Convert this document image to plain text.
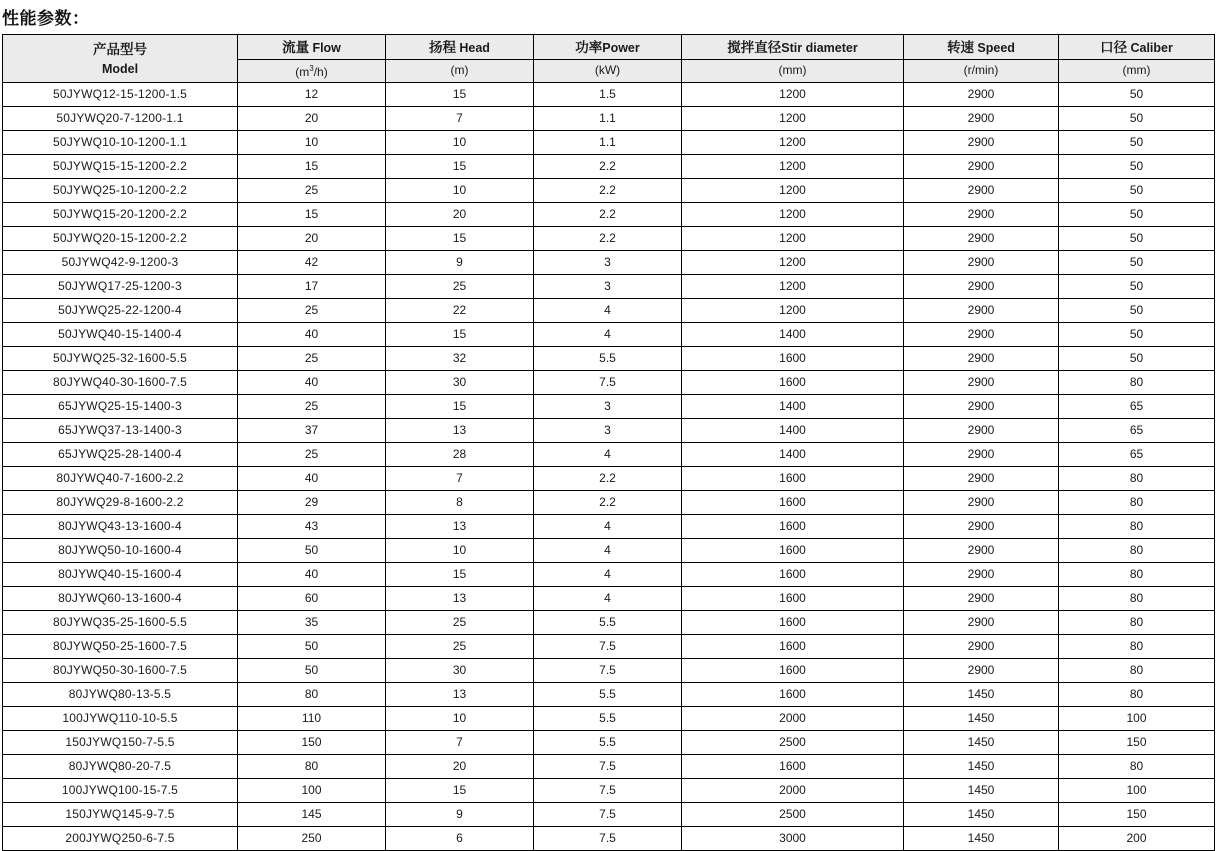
性能参数：
产品型号
Model	流量 Flow	扬程 Head	功率Power	搅拌直径Stir diameter	转速 Speed	口径 Caliber

	$(m^3/h)$	(m)	(kW)	(mm)	(r/min)	(mm)
50JYWQ12-15-1200-1.5	12	15	1.5	1200	2900	50
50JYWQ20-7-1200-1.1	20	7	1.1	1200	2900	50
50JYWQ10-10-1200-1.1	10	10	1.1	1200	2900	50
50JYWQ15-15-1200-2.2	15	15	2.2	1200	2900	50
50JYWQ25-10-1200-2.2	25	10	2.2	1200	2900	50
50JYWQ15-20-1200-2.2	15	20	2.2	1200	2900	50
50JYWQ20-15-1200-2.2	20	15	2.2	1200	2900	50
50JYWQ42-9-1200-3	42	9	3	1200	2900	50
50JYWQ17-25-1200-3	17	25	3	1200	2900	50
50JYWQ25-22-1200-4	25	22	4	1200	2900	50
50JYWQ40-15-1400-4	40	15	4	1400	2900	50
50JYWQ25-32-1600-5.5	25	32	5.5	1600	2900	50
80JYWQ40-30-1600-7.5	40	30	7.5	1600	2900	80
65JYWQ25-15-1400-3	25	15	3	1400	2900	65
65JYWQ37-13-1400-3	37	13	3	1400	2900	65
65JYWQ25-28-1400-4	25	28	4	1400	2900	65
80JYWQ40-7-1600-2.2	40	7	2.2	1600	2900	80
80JYWQ29-8-1600-2.2	29	8	2.2	1600	2900	80
80JYWQ43-13-1600-4	43	13	4	1600	2900	80
80JYWQ50-10-1600-4	50	10	4	1600	2900	80
80JYWQ40-15-1600-4	40	15	4	1600	2900	80
80JYWQ60-13-1600-4	60	13	4	1600	2900	80
80JYWQ35-25-1600-5.5	35	25	5.5	1600	2900	80
80JYWQ50-25-1600-7.5	50	25	7.5	1600	2900	80
80JYWQ50-30-1600-7.5	50	30	7.5	1600	2900	80
80JYWQ80-13-5.5	80	13	5.5	1600	1450	80
100JYWQ110-10-5.5	110	10	5.5	2000	1450	100
150JYWQ150-7-5.5	150	7	5.5	2500	1450	150
80JYWQ80-20-7.5	80	20	7.5	1600	1450	80
100JYWQ100-15-7.5	100	15	7.5	2000	1450	100
150JYWQ145-9-7.5	145	9	7.5	2500	1450	150
200JYWQ250-6-7.5	250	6	7.5	3000	1450	200
